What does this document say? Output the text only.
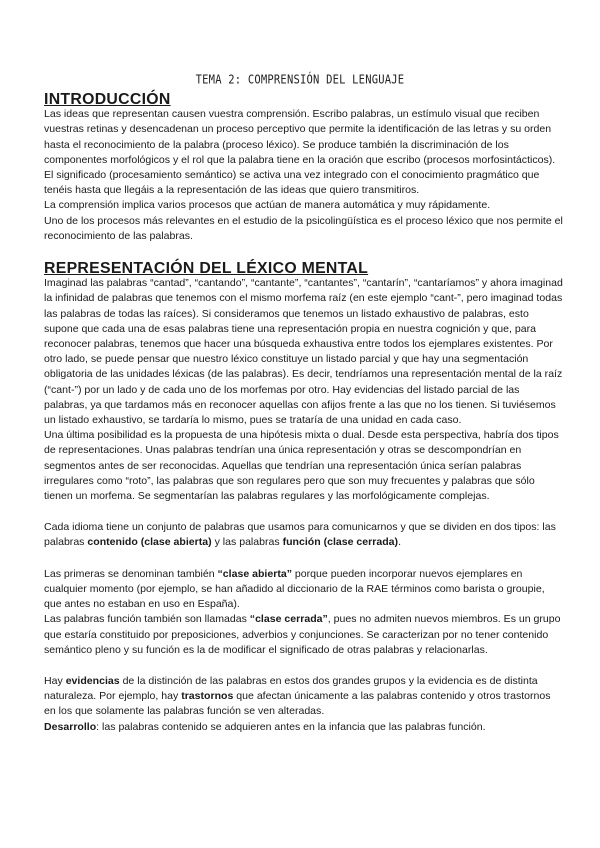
TEMA 2: COMPRENSIÓN DEL LENGUAJE
INTRODUCCIÓN

Las ideas que representan causen vuestra comprensión. Escribo palabras, un estímulo visual que reciben vuestras retinas y desencadenan un proceso perceptivo que permite la identificación de las letras y su orden hasta el reconocimiento de la palabra (proceso léxico). Se produce también la discriminación de los componentes morfológicos y el rol que la palabra tiene en la oración que escribo (procesos morfosintácticos). El significado (procesamiento semántico) se activa una vez integrado con el conocimiento pragmático que tenéis hasta que llegáis a la representación de las ideas que quiero transmitiros.

La comprensión implica varios procesos que actúan de manera automática y muy rápidamente.

Uno de los procesos más relevantes en el estudio de la psicolingüística es el proceso léxico que nos permite el reconocimiento de las palabras.

REPRESENTACIÓN DEL LÉXICO MENTAL

Imaginad las palabras “cantad”, “cantando”, “cantante”, “cantantes”, “cantarín”, “cantaríamos” y ahora imaginad la infinidad de palabras que tenemos con el mismo morfema raíz (en este ejemplo “cant-”, pero imaginad todas las palabras de todas las raíces). Si consideramos que tenemos un listado exhaustivo de palabras, esto supone que cada una de esas palabras tiene una representación propia en nuestra cognición y que, para reconocer palabras, tenemos que hacer una búsqueda exhaustiva entre todos los ejemplares existentes. Por otro lado, se puede pensar que nuestro léxico constituye un listado parcial y que hay una segmentación obligatoria de las unidades léxicas (de las palabras). Es decir, tendríamos una representación mental de la raíz (“cant-”) por un lado y de cada uno de los morfemas por otro. Hay evidencias del listado parcial de las palabras, ya que tardamos más en reconocer aquellas con afijos frente a las que no los tienen. Si tuviésemos un listado exhaustivo, se tardaría lo mismo, pues se trataría de una unidad en cada caso.

Una última posibilidad es la propuesta de una hipótesis mixta o dual. Desde esta perspectiva, habría dos tipos de representaciones. Unas palabras tendrían una única representación y otras se descompondrían en segmentos antes de ser reconocidas. Aquellas que tendrían una representación única serían palabras irregulares como “roto”, las palabras que son regulares pero que son muy frecuentes y palabras que sólo tienen un morfema. Se segmentarían las palabras regulares y las morfológicamente complejas.

Cada idioma tiene un conjunto de palabras que usamos para comunicarnos y que se dividen en dos tipos: las palabras contenido (clase abierta) y las palabras función (clase cerrada).

Las primeras se denominan también “clase abierta” porque pueden incorporar nuevos ejemplares en cualquier momento (por ejemplo, se han añadido al diccionario de la RAE términos como barista o groupie, que antes no estaban en uso en España).

Las palabras función también son llamadas “clase cerrada”, pues no admiten nuevos miembros. Es un grupo que estaría constituido por preposiciones, adverbios y conjunciones. Se caracterizan por no tener contenido semántico pleno y su función es la de modificar el significado de otras palabras y relacionarlas.

Hay evidencias de la distinción de las palabras en estos dos grandes grupos y la evidencia es de distinta naturaleza. Por ejemplo, hay trastornos que afectan únicamente a las palabras contenido y otros trastornos en los que solamente las palabras función se ven alteradas.

Desarrollo: las palabras contenido se adquieren antes en la infancia que las palabras función.
